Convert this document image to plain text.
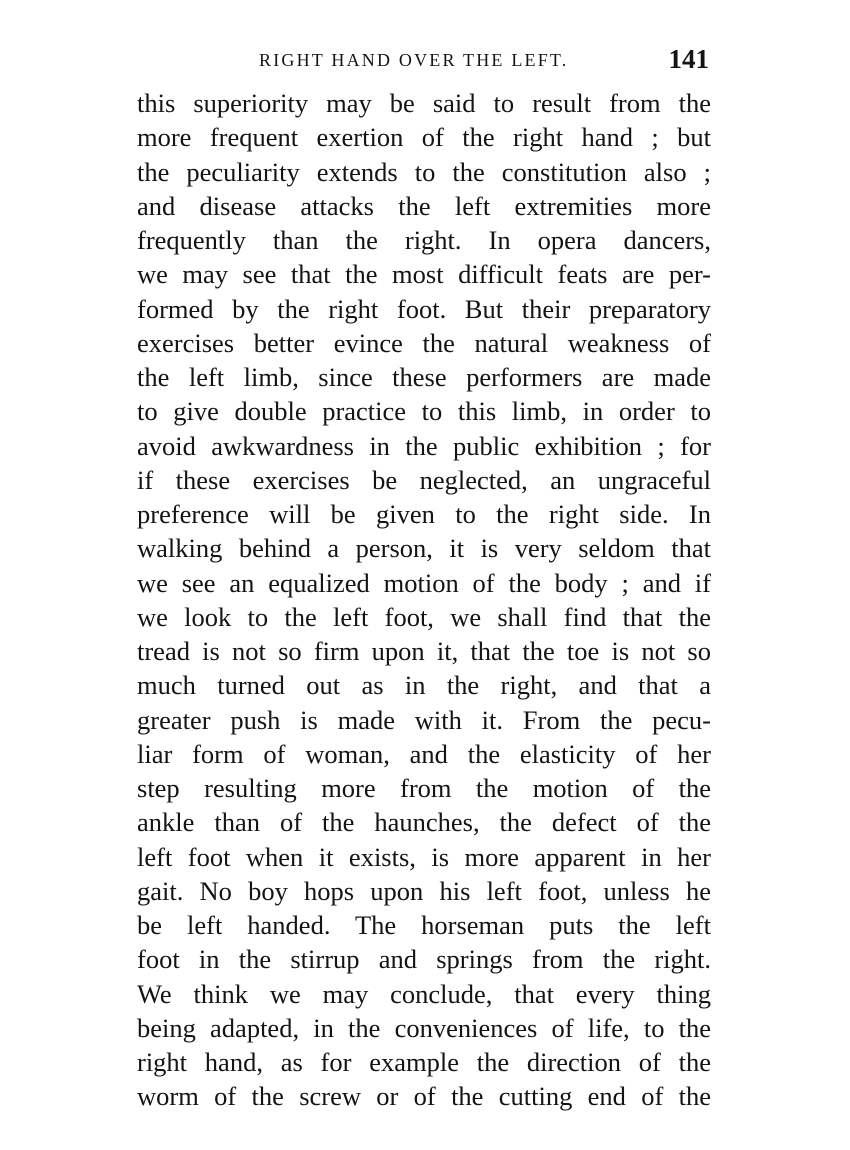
RIGHT HAND OVER THE LEFT.	141
this superiority may be said to result from the
more frequent exertion of the right hand ; but
the peculiarity extends to the constitution also ;
and disease attacks the left extremities more
frequently than the right. In opera dancers,
we may see that the most difficult feats are per-
formed by the right foot. But their preparatory
exercises better evince the natural weakness of
the left limb, since these performers are made
to give double practice to this limb, in order to
avoid awkwardness in the public exhibition ; for
if these exercises be neglected, an ungraceful
preference will be given to the right side. In
walking behind a person, it is very seldom that
we see an equalized motion of the body ; and if
we look to the left foot, we shall find that the
tread is not so firm upon it, that the toe is not so
much turned out as in the right, and that a
greater push is made with it. From the pecu-
liar form of woman, and the elasticity of her
step resulting more from the motion of the
ankle than of the haunches, the defect of the
left foot when it exists, is more apparent in her
gait. No boy hops upon his left foot, unless he
be left handed. The horseman puts the left
foot in the stirrup and springs from the right.
We think we may conclude, that every thing
being adapted, in the conveniences of life, to the
right hand, as for example the direction of the
worm of the screw or of the cutting end of the
